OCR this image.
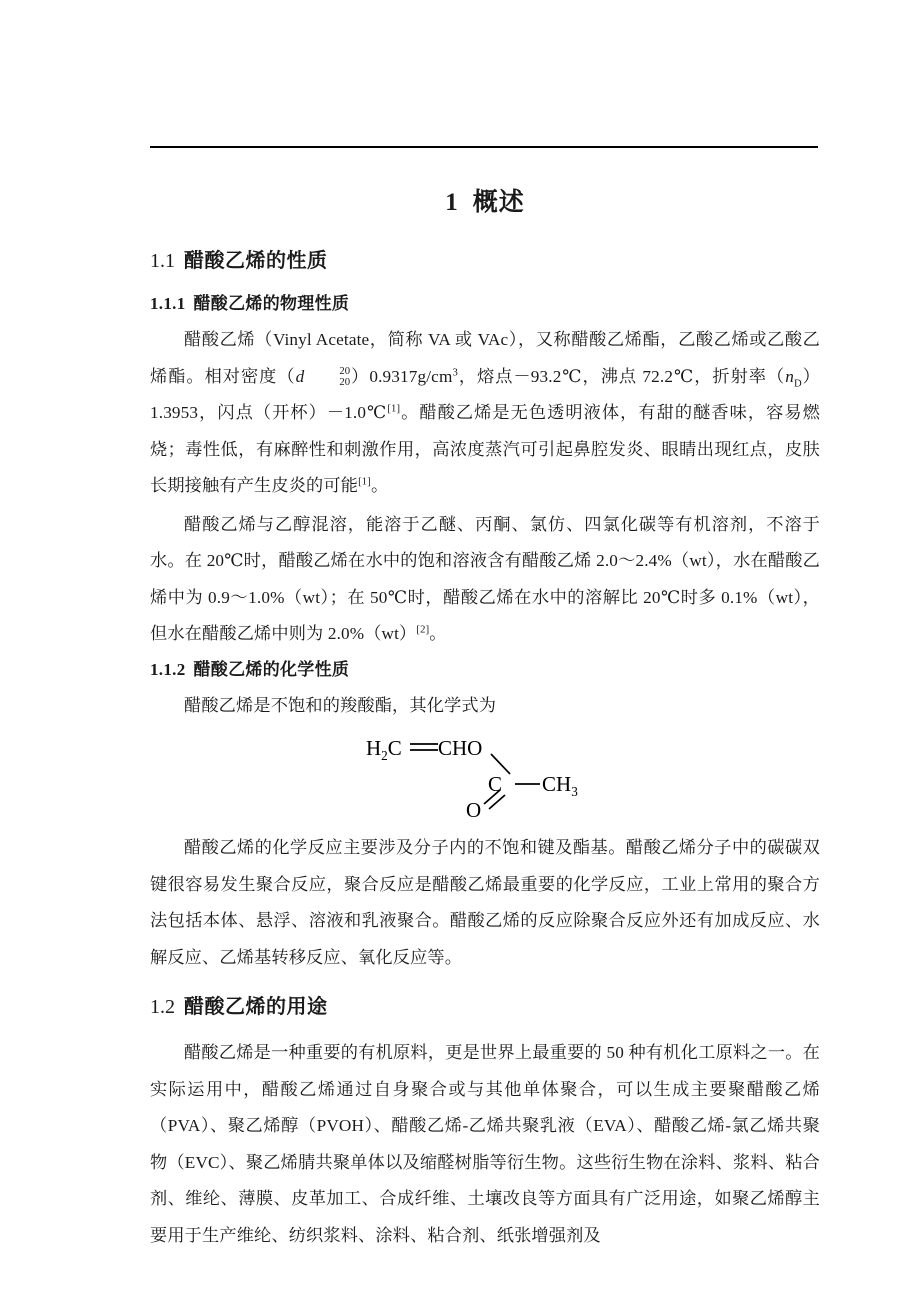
1 概述
1.1 醋酸乙烯的性质
1.1.1 醋酸乙烯的物理性质

醋酸乙烯（Vinyl Acetate，简称 VA 或 VAc），又称醋酸乙烯酯，乙酸乙烯或乙酸乙烯酯。相对密度（d	20
20 ）$0.9317g/cm^3$，熔点－93.2℃，沸点 72.2℃，折射率$(n_D)1.3953$，闪点（开杯）－1.0℃[1]。醋酸乙烯是无色透明液体，有甜的醚香味，容易燃烧；毒性低，有麻醉性和刺激作用，高浓度蒸汽可引起鼻腔发炎、眼睛出现红点，皮肤长期接触有产生皮炎的可能[1]。

醋酸乙烯与乙醇混溶，能溶于乙醚、丙酮、氯仿、四氯化碳等有机溶剂，不溶于水。在 20℃时，醋酸乙烯在水中的饱和溶液含有醋酸乙烯 2.0～2.4%（wt），水在醋酸乙烯中为 0.9～1.0%（wt）；在 50℃时，醋酸乙烯在水中的溶解比 20℃时多 0.1%（wt），但水在醋酸乙烯中则为 2.0%（wt）[2]。

1.1.2 醋酸乙烯的化学性质

醋酸乙烯是不饱和的羧酸酯，其化学式为

$H_2C$ CHO
C $CH_3$
O

醋酸乙烯的化学反应主要涉及分子内的不饱和键及酯基。醋酸乙烯分子中的碳碳双键很容易发生聚合反应，聚合反应是醋酸乙烯最重要的化学反应，工业上常用的聚合方法包括本体、悬浮、溶液和乳液聚合。醋酸乙烯的反应除聚合反应外还有加成反应、水解反应、乙烯基转移反应、氧化反应等。

1.2 醋酸乙烯的用途

醋酸乙烯是一种重要的有机原料，更是世界上最重要的 50 种有机化工原料之一。在实际运用中，醋酸乙烯通过自身聚合或与其他单体聚合，可以生成主要聚醋酸乙烯（PVA）、聚乙烯醇（PVOH）、醋酸乙烯-乙烯共聚乳液（EVA）、醋酸乙烯-氯乙烯共聚物（EVC）、聚乙烯腈共聚单体以及缩醛树脂等衍生物。这些衍生物在涂料、浆料、粘合剂、维纶、薄膜、皮革加工、合成纤维、土壤改良等方面具有广泛用途，如聚乙烯醇主要用于生产维纶、纺织浆料、涂料、粘合剂、纸张增强剂及
